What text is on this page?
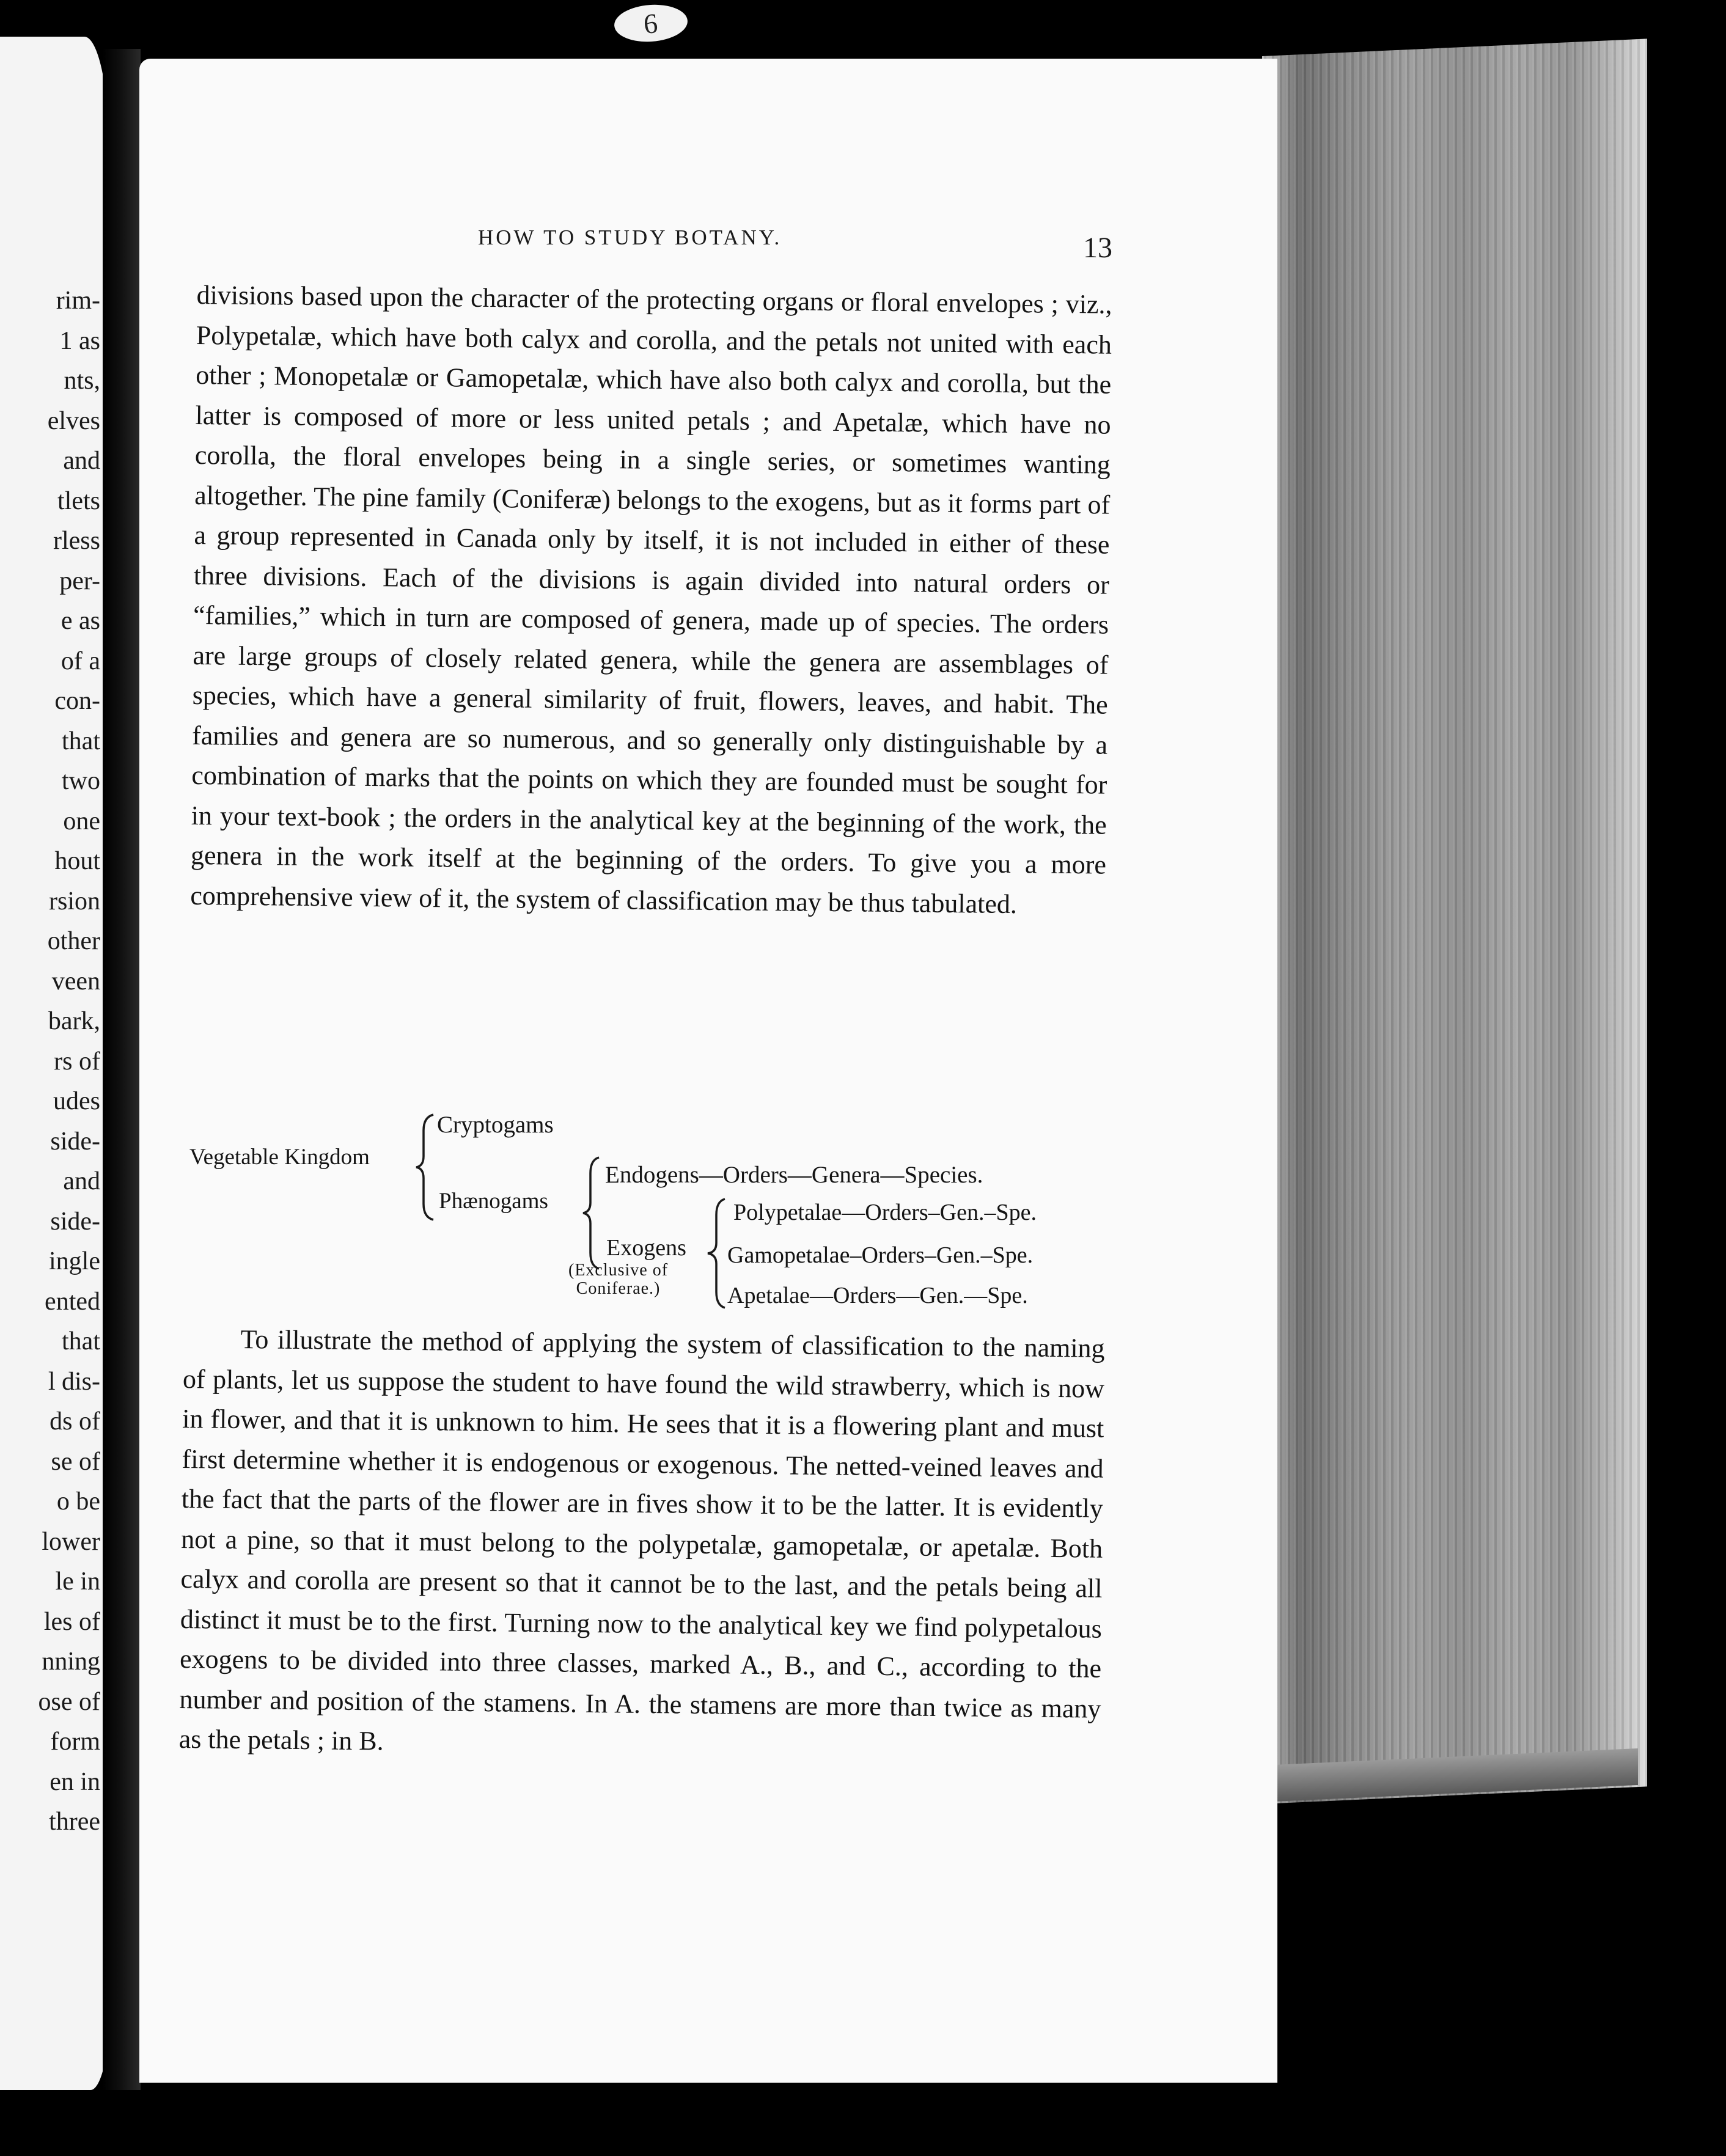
rim-
1 as
nts,
elves
and
tlets
rless
per-
e as
of a
con-
that
two
one
hout
rsion
other
veen
bark,
rs of
udes
side-
and
side-
ingle
ented
that
l dis-
ds of
se of
o be
lower
le in
les of
nning
ose of
form
en in
three
6
HOW TO STUDY BOTANY.	13

divisions based upon the character of the protecting organs or floral envelopes ; viz., Polypetalæ, which have both calyx and corolla, and the petals not united with each other ; Monopetalæ or Gamopetalæ, which have also both calyx and corolla, but the latter is composed of more or less united petals ; and Apetalæ, which have no corolla, the floral envelopes being in a single series, or sometimes wanting altogether. The pine family (Coniferæ) belongs to the exogens, but as it forms part of a group represented in Canada only by itself, it is not included in either of these three divisions. Each of the divisions is again divided into natural orders or “families,” which in turn are composed of genera, made up of species. The orders are large groups of closely related genera, while the genera are assemblages of species, which have a general similarity of fruit, flowers, leaves, and habit. The families and genera are so numerous, and so generally only distinguishable by a combination of marks that the points on which they are founded must be sought for in your text-book ; the orders in the analytical key at the beginning of the work, the genera in the work itself at the beginning of the orders. To give you a more comprehensive view of it, the system of classification may be thus tabulated.

Vegetable Kingdom
Cryptogams
Phænogams
Endogens—Orders—Genera—Species.
Exogens
(Exclusive of
Coniferae.)
Polypetalae—Orders–Gen.–Spe.
Gamopetalae–Orders–Gen.–Spe.
Apetalae—Orders—Gen.—Spe.

To illustrate the method of applying the system of classification to the naming of plants, let us suppose the student to have found the wild strawberry, which is now in flower, and that it is unknown to him. He sees that it is a flowering plant and must first determine whether it is endogenous or exogenous. The netted-veined leaves and the fact that the parts of the flower are in fives show it to be the latter. It is evidently not a pine, so that it must belong to the polypetalæ, gamopetalæ, or apetalæ. Both calyx and corolla are present so that it cannot be to the last, and the petals being all distinct it must be to the first. Turning now to the analytical key we find polypetalous exogens to be divided into three classes, marked A., B., and C., according to the number and position of the stamens. In A. the stamens are more than twice as many as the petals ; in B.
